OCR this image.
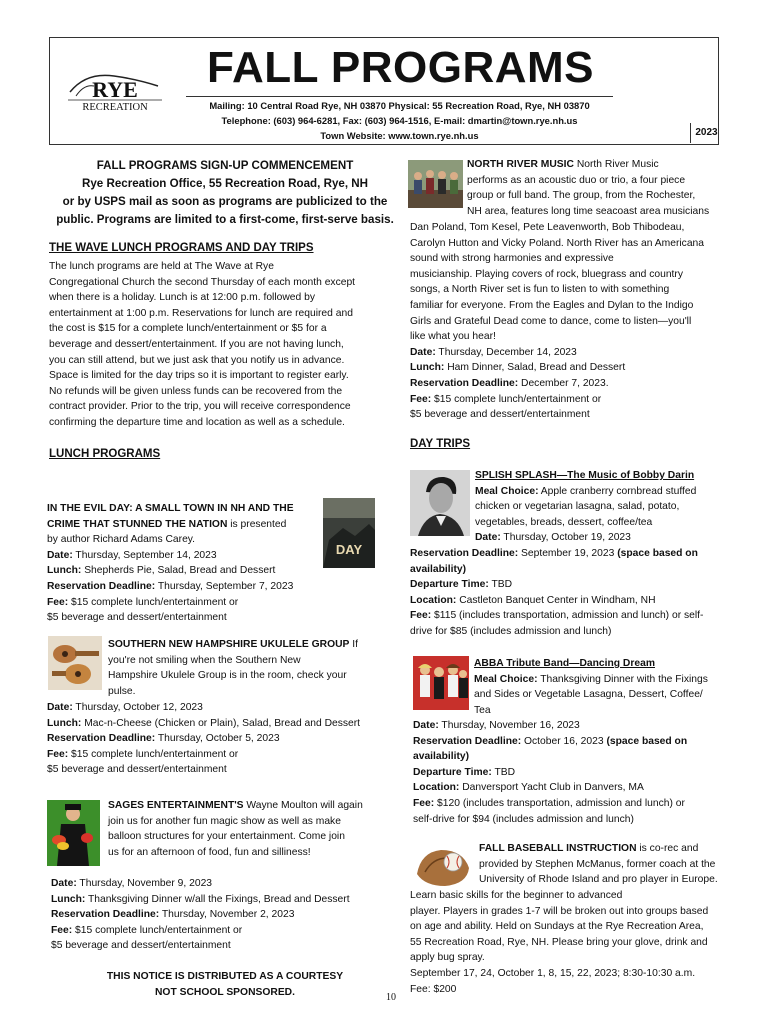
RYE
RECREATION
FALL PROGRAMS
Mailing: 10 Central Road Rye, NH 03870 Physical: 55 Recreation Road, Rye, NH 03870
Telephone: (603) 964-6281, Fax: (603) 964-1516, E-mail: dmartin@town.rye.nh.us
Town Website: www.town.rye.nh.us	2023
FALL PROGRAMS SIGN-UP COMMENCEMENT
Rye Recreation Office, 55 Recreation Road, Rye, NH
or by USPS mail as soon as programs are publicized to the
public. Programs are limited to a first-come, first-serve basis.
THE WAVE LUNCH PROGRAMS AND DAY TRIPS
The lunch programs are held at The Wave at Rye
Congregational Church the second Thursday of each month except
when there is a holiday. Lunch is at 12:00 p.m. followed by
entertainment at 1:00 p.m. Reservations for lunch are required and
the cost is $15 for a complete lunch/entertainment or $5 for a
beverage and dessert/entertainment. If you are not having lunch,
you can still attend, but we just ask that you notify us in advance.
Space is limited for the day trips so it is important to register early.
No refunds will be given unless funds can be recovered from the
contract provider. Prior to the trip, you will receive correspondence
confirming the departure time and location as well as a schedule.
LUNCH PROGRAMS
DAY
IN THE EVIL DAY: A SMALL TOWN IN NH AND THE
CRIME THAT STUNNED THE NATION is presented
by author Richard Adams Carey.
Date: Thursday, September 14, 2023
Lunch: Shepherds Pie, Salad, Bread and Dessert
Reservation Deadline: Thursday, September 7, 2023
Fee: $15 complete lunch/entertainment or
$5 beverage and dessert/entertainment
SOUTHERN NEW HAMPSHIRE UKULELE GROUP If
you're not smiling when the Southern New
Hampshire Ukulele Group is in the room, check your
pulse.
Date: Thursday, October 12, 2023
Lunch: Mac-n-Cheese (Chicken or Plain), Salad, Bread and Dessert
Reservation Deadline: Thursday, October 5, 2023
Fee: $15 complete lunch/entertainment or
$5 beverage and dessert/entertainment
SAGES ENTERTAINMENT'S Wayne Moulton will again
join us for another fun magic show as well as make
balloon structures for your entertainment. Come join
us for an afternoon of food, fun and silliness!
Date: Thursday, November 9, 2023
Lunch: Thanksgiving Dinner w/all the Fixings, Bread and Dessert
Reservation Deadline: Thursday, November 2, 2023
Fee: $15 complete lunch/entertainment or
$5 beverage and dessert/entertainment
THIS NOTICE IS DISTRIBUTED AS A COURTESY
NOT SCHOOL SPONSORED.	10
NORTH RIVER MUSIC North River Music
performs as an acoustic duo or trio, a four piece
group or full band. The group, from the Rochester,
NH area, features long time seacoast area musicians
Dan Poland, Tom Kesel, Pete Leavenworth, Bob Thibodeau,
Carolyn Hutton and Vicky Poland. North River has an Americana
sound with strong harmonies and expressive
musicianship. Playing covers of rock, bluegrass and country
songs, a North River set is fun to listen to with something
familiar for everyone. From the Eagles and Dylan to the Indigo
Girls and Grateful Dead come to dance, come to listen—you'll
like what you hear!
Date: Thursday, December 14, 2023
Lunch: Ham Dinner, Salad, Bread and Dessert
Reservation Deadline: December 7, 2023.
Fee: $15 complete lunch/entertainment or
$5 beverage and dessert/entertainment
DAY TRIPS
SPLISH SPLASH—The Music of Bobby Darin
Meal Choice: Apple cranberry cornbread stuffed
chicken or vegetarian lasagna, salad, potato,
vegetables, breads, dessert, coffee/tea
Date: Thursday, October 19, 2023
Reservation Deadline: September 19, 2023 (space based on
availability)
Departure Time: TBD
Location: Castleton Banquet Center in Windham, NH
Fee: $115 (includes transportation, admission and lunch) or self-
drive for $85 (includes admission and lunch)
ABBA Tribute Band—Dancing Dream
Meal Choice: Thanksgiving Dinner with the Fixings
and Sides or Vegetable Lasagna, Dessert, Coffee/
Tea
Date: Thursday, November 16, 2023
Reservation Deadline: October 16, 2023 (space based on
availability)
Departure Time: TBD
Location: Danversport Yacht Club in Danvers, MA
Fee: $120 (includes transportation, admission and lunch) or
self-drive for $94 (includes admission and lunch)
FALL BASEBALL INSTRUCTION is co-rec and
provided by Stephen McManus, former coach at the
University of Rhode Island and pro player in Europe.
Learn basic skills for the beginner to advanced
player. Players in grades 1-7 will be broken out into groups based
on age and ability. Held on Sundays at the Rye Recreation Area,
55 Recreation Road, Rye, NH. Please bring your glove, drink and
apply bug spray.
September 17, 24, October 1, 8, 15, 22, 2023; 8:30-10:30 a.m.
Fee: $200
